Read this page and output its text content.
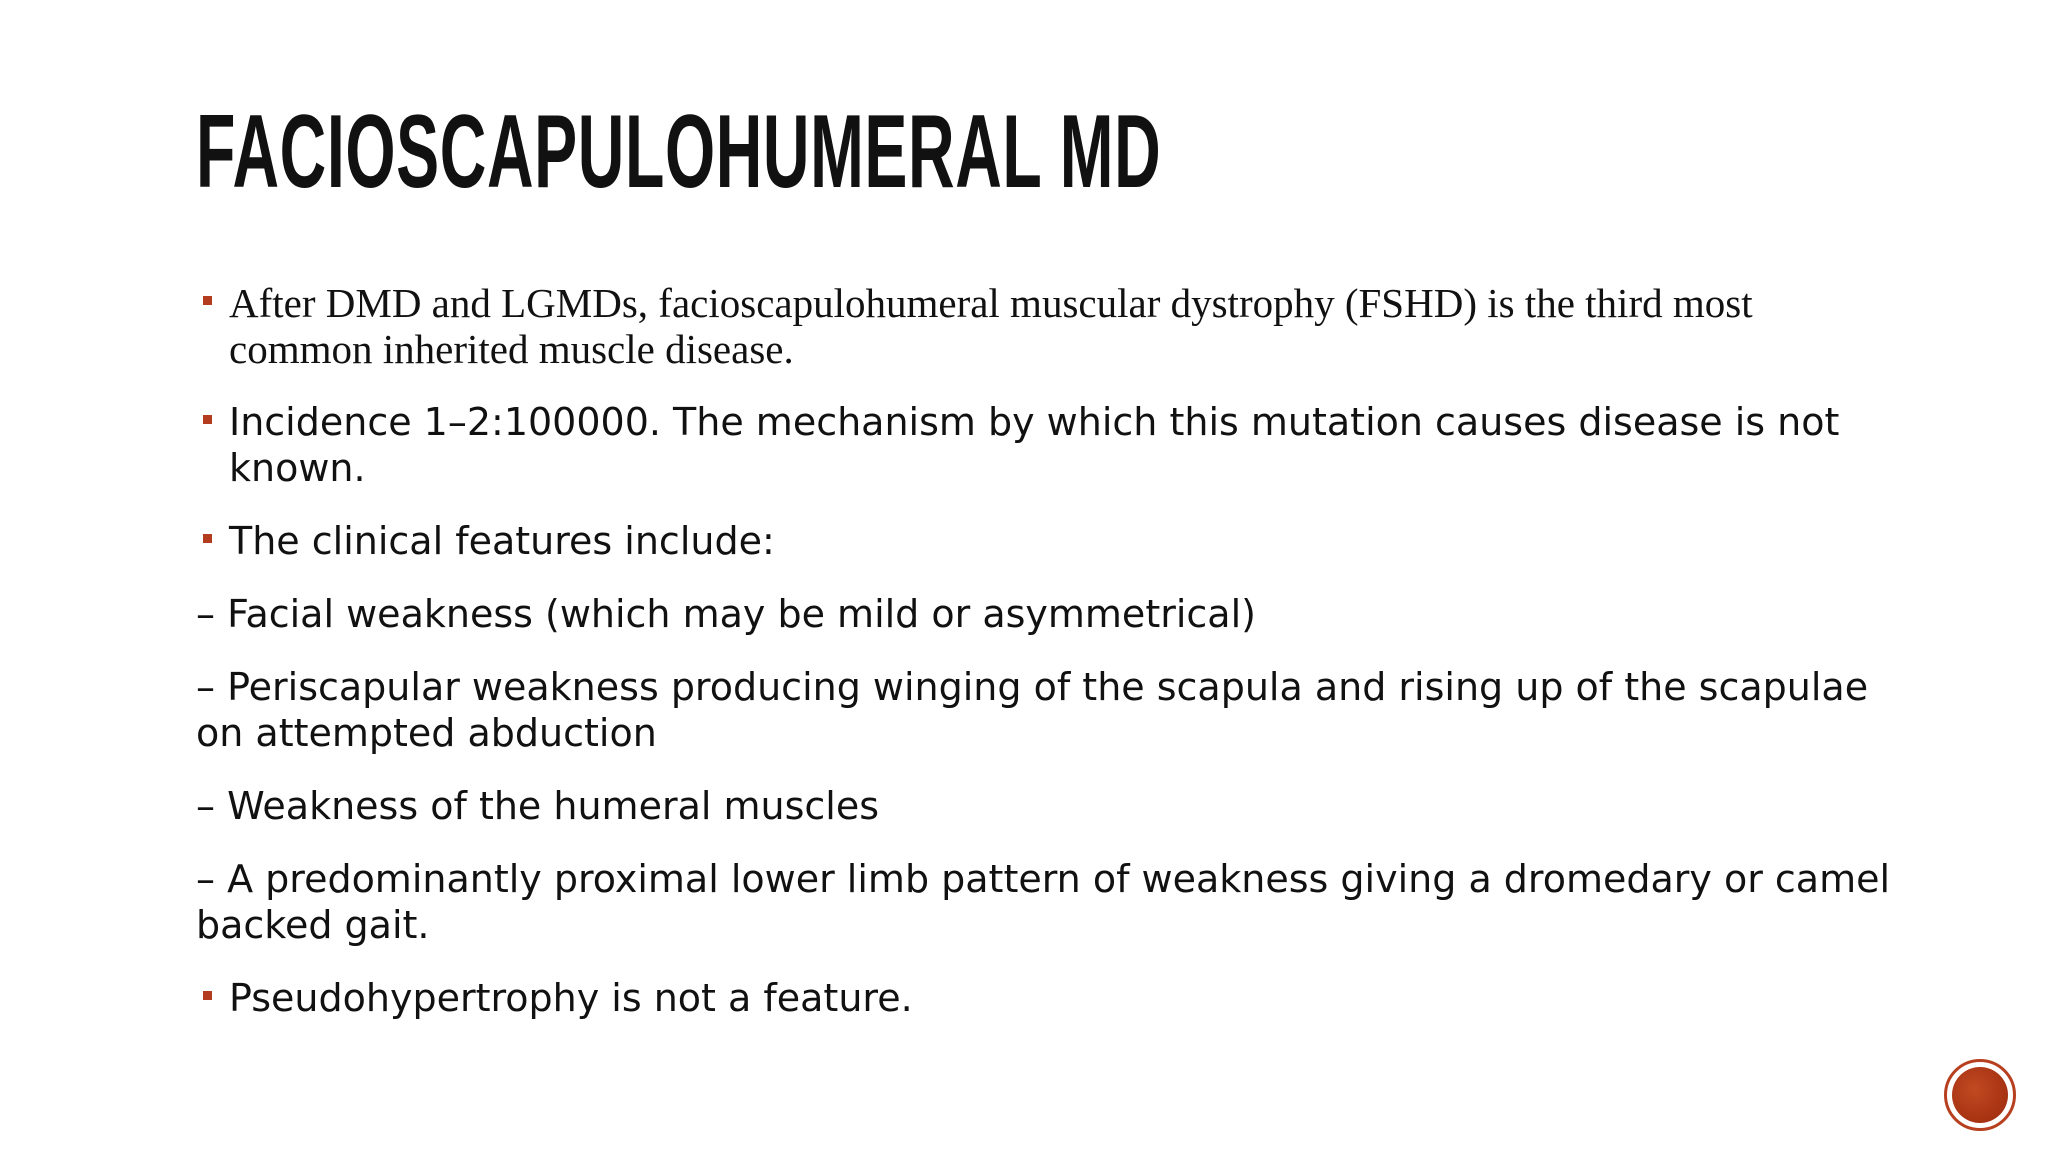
FACIOSCAPULOHUMERAL MD

After DMD and LGMDs, facioscapulohumeral muscular dystrophy (FSHD) is the third most common inherited muscle disease.

Incidence 1–2:100000. The mechanism by which this mutation causes disease is not known.

The clinical features include:

– Facial weakness (which may be mild or asymmetrical)

– Periscapular weakness producing winging of the scapula and rising up of the scapulae on attempted abduction

– Weakness of the humeral muscles

– A predominantly proximal lower limb pattern of weakness giving a dromedary or camel backed gait.

Pseudohypertrophy is not a feature.
